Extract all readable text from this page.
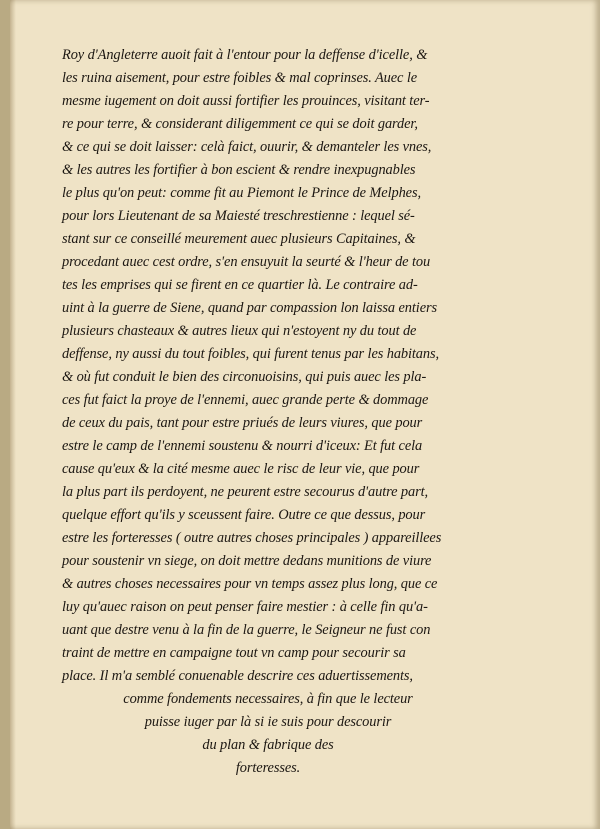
Roy d'Angleterre auoit fait à l'entour pour la deffense d'icelle, &
les ruina aisement, pour estre foibles & mal coprinses. Auec le
mesme iugement on doit aussi fortifier les prouinces, visitant ter-
re pour terre, & considerant diligemment ce qui se doit garder,
& ce qui se doit laisser: celà faict, ouurir, & demanteler les vnes,
& les autres les fortifier à bon escient & rendre inexpugnables
le plus qu'on peut: comme fit au Piemont le Prince de Melphes,
pour lors Lieutenant de sa Maiesté treschrestienne : lequel sé-
stant sur ce conseillé meurement auec plusieurs Capitaines, &
procedant auec cest ordre, s'en ensuyuit la seurté & l'heur de tou
tes les emprises qui se firent en ce quartier là. Le contraire ad-
uint à la guerre de Siene, quand par compassion lon laissa entiers
plusieurs chasteaux & autres lieux qui n'estoyent ny du tout de
deffense, ny aussi du tout foibles, qui furent tenus par les habitans,
& où fut conduit le bien des circonuoisins, qui puis auec les pla-
ces fut faict la proye de l'ennemi, auec grande perte & dommage
de ceux du pais, tant pour estre priués de leurs viures, que pour
estre le camp de l'ennemi soustenu & nourri d'iceux: Et fut cela
cause qu'eux & la cité mesme auec le risc de leur vie, que pour
la plus part ils perdoyent, ne peurent estre secourus d'autre part,
quelque effort qu'ils y sceussent faire. Outre ce que dessus, pour
estre les forteresses ( outre autres choses principales ) appareillees
pour soustenir vn siege, on doit mettre dedans munitions de viure
& autres choses necessaires pour vn temps assez plus long, que ce
luy qu'auec raison on peut penser faire mestier : à celle fin qu'a-
uant que destre venu à la fin de la guerre, le Seigneur ne fust con
traint de mettre en campaigne tout vn camp pour secourir sa
place. Il m'a semblé conuenable descrire ces aduertissements,
comme fondements necessaires, à fin que le lecteur
puisse iuger par là si ie suis pour descourir
du plan & fabrique des
forteresses.
